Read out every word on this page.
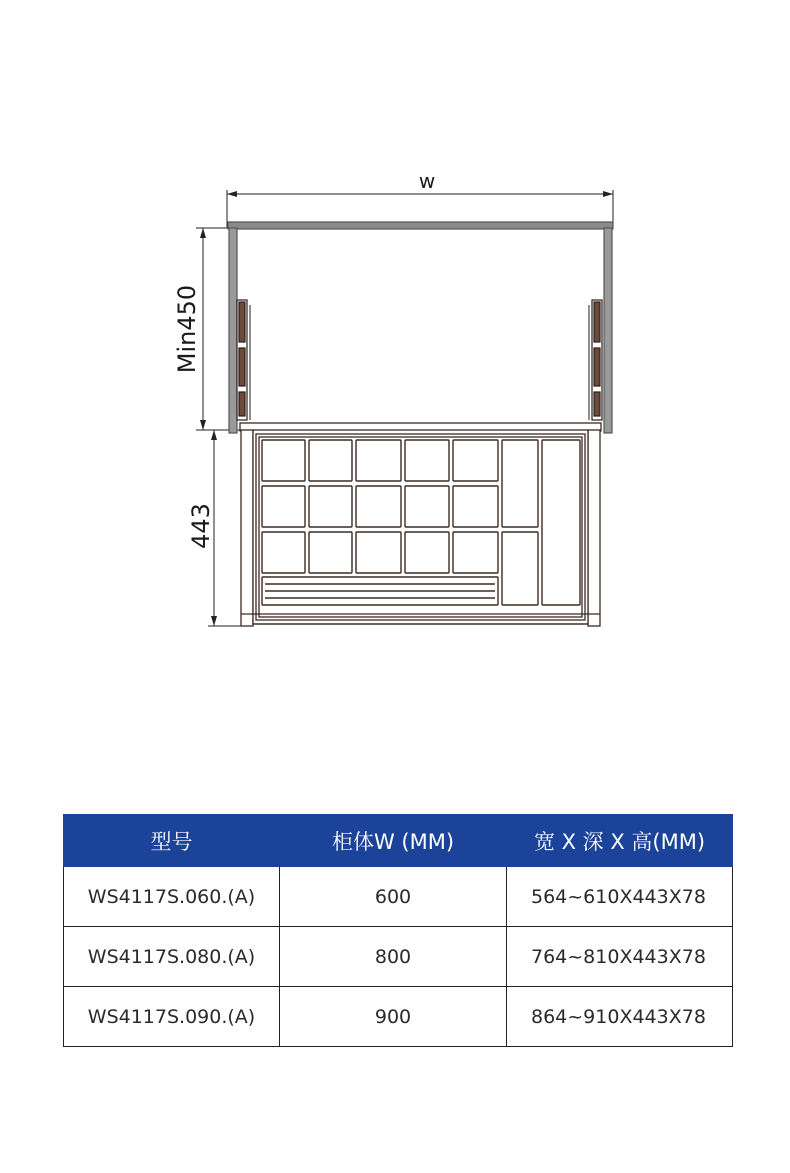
w
Min450
443
型号	柜体W (MM)	宽 X 深 X 高(MM)
WS4117S.060.(A)	600	564~610X443X78
WS4117S.080.(A)	800	764~810X443X78
WS4117S.090.(A)	900	864~910X443X78
